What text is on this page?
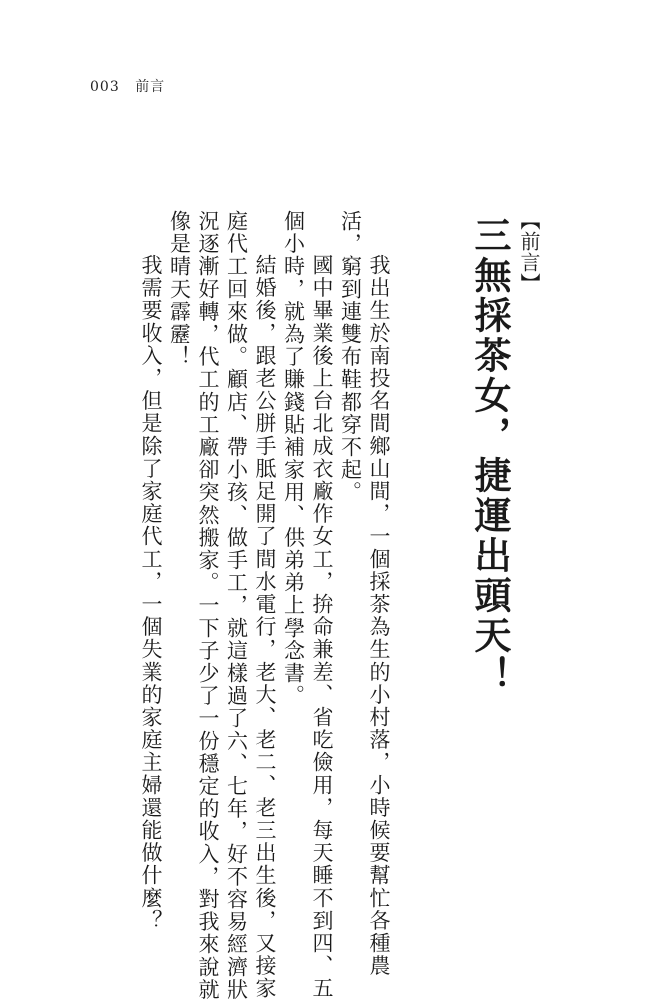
003 前言
【前言】
三無採茶女，捷運出頭天！
我出生於南投名間鄉山間，一個採茶為生的小村落，小時候要幫忙各種農
活，窮到連雙布鞋都穿不起。
國中畢業後上台北成衣廠作女工，拚命兼差、省吃儉用，每天睡不到四、五
個小時，就為了賺錢貼補家用、供弟弟上學念書。
結婚後，跟老公胼手胝足開了間水電行，老大、老二、老三出生後，又接家
庭代工回來做。顧店、帶小孩、做手工，就這樣過了六、七年，好不容易經濟狀
況逐漸好轉，代工的工廠卻突然搬家。一下子少了一份穩定的收入，對我來說就
像是晴天霹靂！
我需要收入，但是除了家庭代工，一個失業的家庭主婦還能做什麼？
